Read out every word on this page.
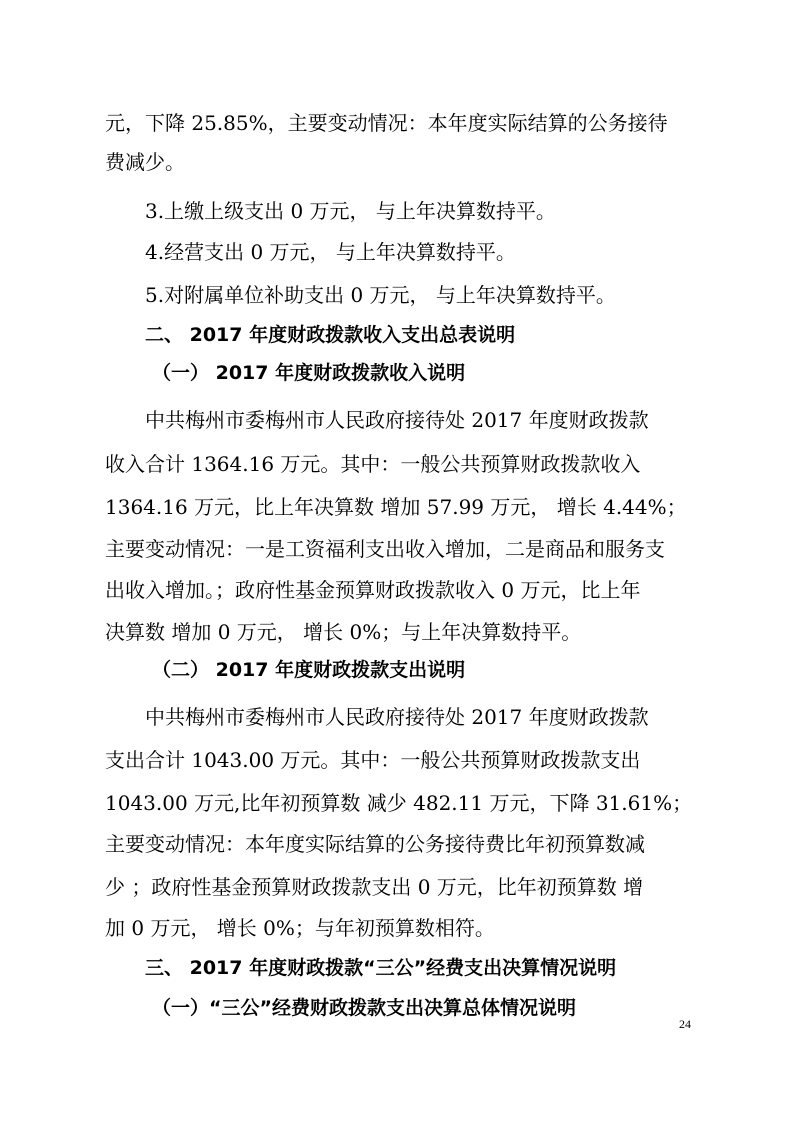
元，下降 25.85%，主要变动情况：本年度实际结算的公务接待
费减少。
3.上缴上级支出 0 万元， 与上年决算数持平。
4.经营支出 0 万元， 与上年决算数持平。
5.对附属单位补助支出 0 万元， 与上年决算数持平。
二、 2017 年度财政拨款收入支出总表说明
（一） 2017 年度财政拨款收入说明
中共梅州市委梅州市人民政府接待处 2017 年度财政拨款
收入合计 1364.16 万元。其中：一般公共预算财政拨款收入
1364.16 万元，比上年决算数 增加 57.99 万元， 增长 4.44%；
主要变动情况：一是工资福利支出收入增加，二是商品和服务支
出收入增加。；政府性基金预算财政拨款收入 0 万元，比上年
决算数 增加 0 万元， 增长 0%；与上年决算数持平。
（二） 2017 年度财政拨款支出说明
中共梅州市委梅州市人民政府接待处 2017 年度财政拨款
支出合计 1043.00 万元。其中：一般公共预算财政拨款支出
1043.00 万元,比年初预算数 减少 482.11 万元，下降 31.61%；
主要变动情况：本年度实际结算的公务接待费比年初预算数减
少 ；政府性基金预算财政拨款支出 0 万元，比年初预算数 增
加 0 万元， 增长 0%；与年初预算数相符。
三、 2017 年度财政拨款“三公”经费支出决算情况说明
（一）“三公”经费财政拨款支出决算总体情况说明
24
